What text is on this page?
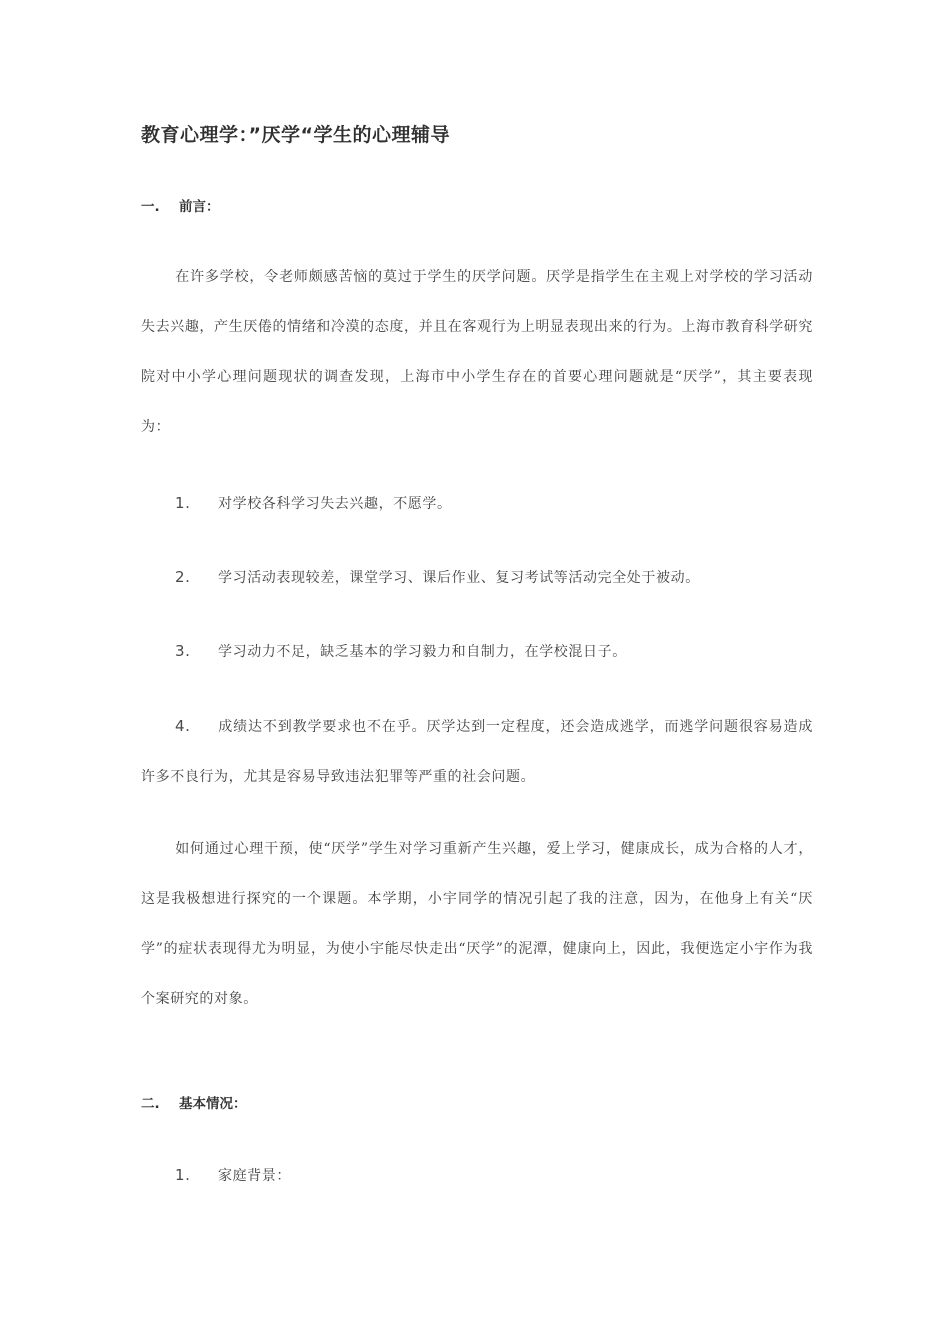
教育心理学：”厌学“学生的心理辅导
一. 前言：
在许多学校，令老师颇感苦恼的莫过于学生的厌学问题。厌学是指学生在主观上对学校的学习活动失去兴趣，产生厌倦的情绪和冷漠的态度，并且在客观行为上明显表现出来的行为。上海市教育科学研究院对中小学心理问题现状的调查发现，上海市中小学生存在的首要心理问题就是“厌学”，其主要表现为：
1. 对学校各科学习失去兴趣，不愿学。
2. 学习活动表现较差，课堂学习、课后作业、复习考试等活动完全处于被动。
3. 学习动力不足，缺乏基本的学习毅力和自制力，在学校混日子。
4. 成绩达不到教学要求也不在乎。厌学达到一定程度，还会造成逃学，而逃学问题很容易造成许多不良行为，尤其是容易导致违法犯罪等严重的社会问题。
如何通过心理干预，使“厌学”学生对学习重新产生兴趣，爱上学习，健康成长，成为合格的人才，这是我极想进行探究的一个课题。本学期，小宇同学的情况引起了我的注意，因为，在他身上有关“厌学”的症状表现得尤为明显，为使小宇能尽快走出“厌学”的泥潭，健康向上，因此，我便选定小宇作为我个案研究的对象。
二. 基本情况：
1. 家庭背景：
